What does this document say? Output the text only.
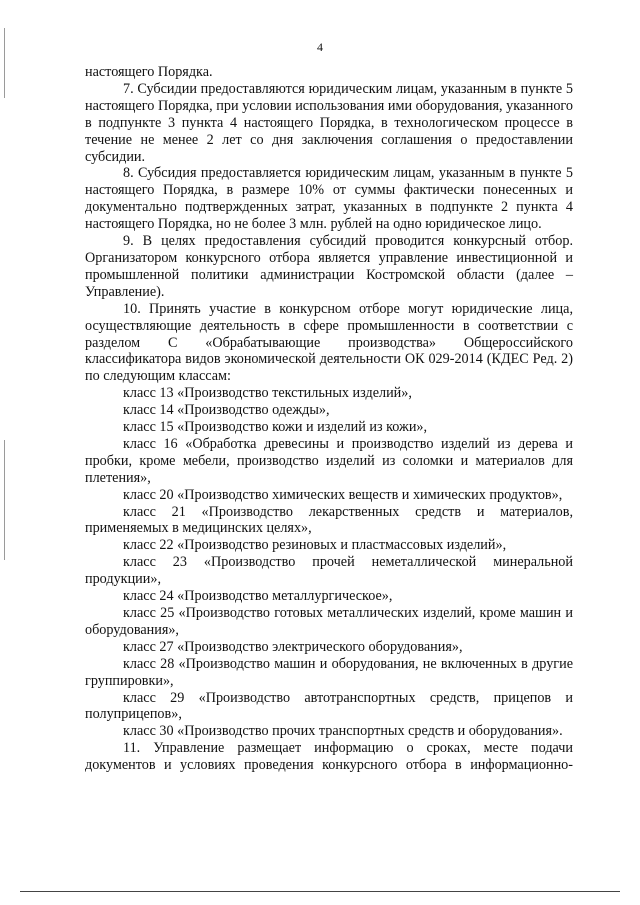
4

настоящего Порядка.

7. Субсидии предоставляются юридическим лицам, указанным в пункте 5 настоящего Порядка, при условии использования ими оборудования, указанного в подпункте 3 пункта 4 настоящего Порядка, в технологическом процессе в течение не менее 2 лет со дня заключения соглашения о предоставлении субсидии.

8. Субсидия предоставляется юридическим лицам, указанным в пункте 5 настоящего Порядка, в размере 10% от суммы фактически понесенных и документально подтвержденных затрат, указанных в подпункте 2 пункта 4 настоящего Порядка, но не более 3 млн. рублей на одно юридическое лицо.

9. В целях предоставления субсидий проводится конкурсный отбор. Организатором конкурсного отбора является управление инвестиционной и промышленной политики администрации Костромской области (далее – Управление).

10. Принять участие в конкурсном отборе могут юридические лица, осуществляющие деятельность в сфере промышленности в соответствии с разделом С «Обрабатывающие производства» Общероссийского классификатора видов экономической деятельности ОК 029-2014 (КДЕС Ред. 2) по следующим классам:

класс 13 «Производство текстильных изделий»,

класс 14 «Производство одежды»,

класс 15 «Производство кожи и изделий из кожи»,

класс 16 «Обработка древесины и производство изделий из дерева и пробки, кроме мебели, производство изделий из соломки и материалов для плетения»,

класс 20 «Производство химических веществ и химических продуктов»,

класс 21 «Производство лекарственных средств и материалов, применяемых в медицинских целях»,

класс 22 «Производство резиновых и пластмассовых изделий»,

класс 23 «Производство прочей неметаллической минеральной продукции»,

класс 24 «Производство металлургическое»,

класс 25 «Производство готовых металлических изделий, кроме машин и оборудования»,

класс 27 «Производство электрического оборудования»,

класс 28 «Производство машин и оборудования, не включенных в другие группировки»,

класс 29 «Производство автотранспортных средств, прицепов и полуприцепов»,

класс 30 «Производство прочих транспортных средств и оборудования».

11. Управление размещает информацию о сроках, месте подачи документов и условиях проведения конкурсного отбора в информационно-
